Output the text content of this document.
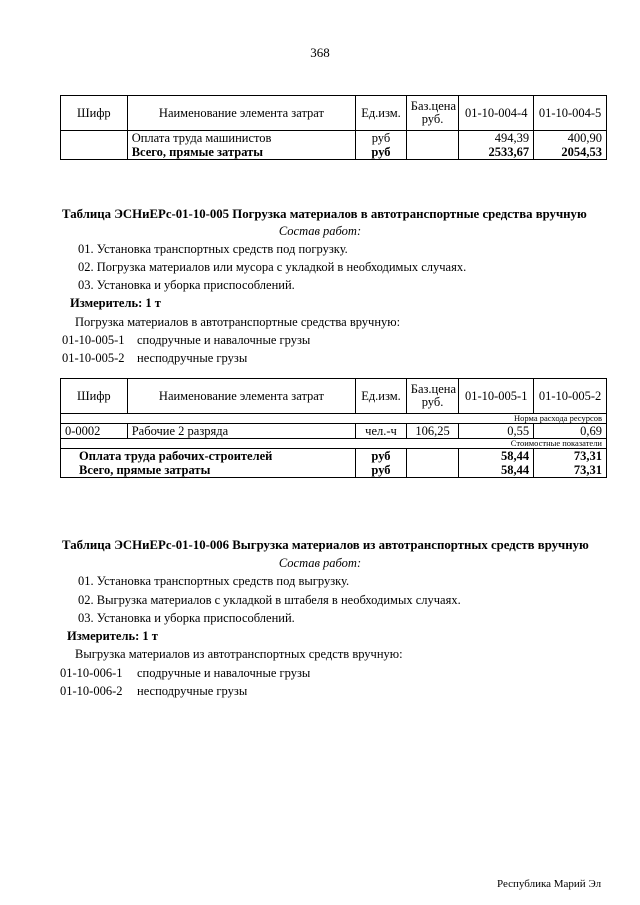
368
Шифр	Наименование элемента затрат	Ед.изм.	Баз.цена
руб.	01-10-004-4	01-10-004-5
	Оплата труда машинистов	руб		494,39	400,90
	Всего, прямые затраты	руб		2533,67	2054,53
Таблица ЭСНиЕРс-01-10-005 Погрузка материалов в автотранспортные средства вручную
Состав работ:
01. Установка транспортных средств под погрузку.
02. Погрузка материалов или мусора с укладкой в необходимых случаях.
03. Установка и уборка приспособлений.
Измеритель: 1 т
Погрузка материалов в автотранспортные средства вручную:
01-10-005-1 сподручные и навалочные грузы
01-10-005-2 несподручные грузы
Шифр	Наименование элемента затрат	Ед.изм.	Баз.цена
руб.	01-10-005-1	01-10-005-2
Норма расхода ресурсов					
0-0002	Рабочие 2 разряда	чел.-ч	106,25	0,55	0,69
Стоимостные показатели					
Оплата труда рабочих-строителей		руб		58,44	73,31
Всего, прямые затраты		руб		58,44	73,31
Таблица ЭСНиЕРс-01-10-006 Выгрузка материалов из автотранспортных средств вручную
Состав работ:
01. Установка транспортных средств под выгрузку.
02. Выгрузка материалов с укладкой в штабеля в необходимых случаях.
03. Установка и уборка приспособлений.
Измеритель: 1 т
Выгрузка материалов из автотранспортных средств вручную:
01-10-006-1 сподручные и навалочные грузы
01-10-006-2 несподручные грузы
Республика Марий Эл
